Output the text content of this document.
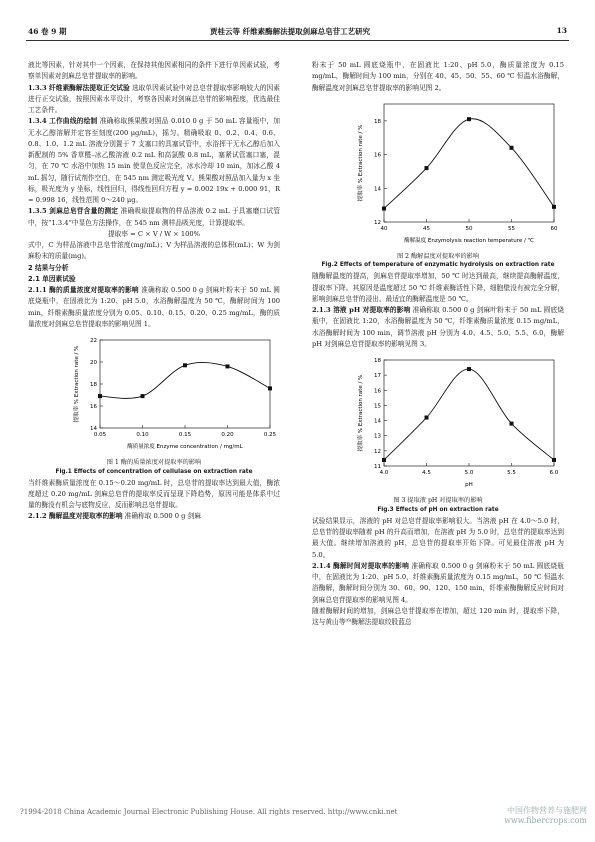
46 卷 9 期	贾桂云等 纤维素酶解法提取剑麻总皂苷工艺研究	13

液比等因素，针对其中一个因素，在保持其他因素相同的条件下进行单因素试验，考察单因素对剑麻总皂苷提取率的影响。

1.3.3 纤维素酶解法提取正交试验 选取单因素试验中对总皂苷提取率影响较大的因素进行正交试验，按照因素水平设计，考察各因素对剑麻总皂苷的影响程度，优选最佳工艺条件。

1.3.4 工作曲线的绘制 准确称取熊果酸对照品 0.010 0 g 于 50 mL 容量瓶中，加无水乙醇溶解并定容至刻度(200 μg/mL)，摇匀。精确吸取 0、0.2、0.4、0.6、0.8、1.0、1.2 mL 溶液分别置于 7 支塞口的具塞试管中，水浴挥干无水乙醇后加入新配制的 5% 香草醛–冰乙酸溶液 0.2 mL 和高氯酸 0.8 mL，塞紧试管塞口塞，混匀，在 70 ℃ 水浴中加热 15 min 使显色反应完全，冰水冷却 10 min，加冰乙酸 4 mL 摇匀，随行试剂作空白，在 545 nm 测定吸光度 V。熊果酸对照品加入量为 x 坐标，吸光度为 y 坐标，线性回归，得线性回归方程 y = 0.002 19x + 0.000 91，R = 0.998 16，线性范围 0～240 μg。

1.3.5 剑麻总皂苷含量的测定 准确吸取提取物的样品溶液 0.2 mL 于具塞磨口试管中，按“1.3.4”中显色方法操作，在 545 nm 测样品吸光度，计算提取率。

提取率 = C × V / W × 100%

式中，C 为样品溶液中总皂苷浓度(mg/mL)；V 为样品溶液的总体积(mL)；W 为剑麻粉末的质量(mg)。

2 结果与分析

2.1 单因素试验

2.1.1 酶的质量浓度对提取率的影响 准确称取 0.500 0 g 剑麻叶粉末于 50 mL 圆底烧瓶中，在固液比为 1:20、pH 5.0，水浴酶解温度为 50 ℃，酶解时间为 100 min，纤维素酶质量浓度分别为 0.05、0.10、0.15、0.20、0.25 mg/mL，酶的质量浓度对剑麻总皂苷提取率的影响见图 1。

0.05	0.10	0.15	0.20	0.25
14
16
18
20
22
酶质量浓度 Enzyme concentration / mg/mL
提取率 % Extraction rate / %
图 1 酶的质量浓度对提取率的影响
Fig.1 Effects of concentration of cellulase on extraction rate

当纤维素酶质量浓度在 0.15～0.20 mg/mL 时，总皂苷的提取率达到最大值，酶浓度超过 0.20 mg/mL 剑麻总皂苷的提取率反而呈现下降趋势，原因可能是体系中过量的酶没有机会与底物反应，反而影响总皂苷提取。

2.1.2 酶解温度对提取率的影响 准确称取 0.500 0 g 剑麻

粉末于 50 mL 圆底烧瓶中，在固液比 1:20、pH 5.0，酶质量浓度为 0.15 mg/mL，酶解时间为 100 min，分别在 40、45、50、55、60 ℃ 恒温水浴酶解，酶解温度对剑麻总皂苷提取率的影响见图 2。

40	45	50	55	60
12
14
16
18
酶解温度 Enzymolysis reaction temperature / ℃
提取率 % Extraction rate / %
图 2 酶解温度对提取率的影响
Fig.2 Effects of temperature of enzymatic hydrolysis on extraction rate

随酶解温度的提高，剑麻皂苷提取率增加，50 ℃ 时达到最高，继续提高酶解温度，提取率下降。其原因是温度超过 50 ℃ 纤维素酶活性下降，细胞壁没有被完全分解，影响剑麻总皂苷的浸出。最适宜的酶解温度是 50 ℃。

2.1.3 溶液 pH 对提取率的影响 准确称取 0.500 0 g 剑麻叶粉末于 50 mL 圆底烧瓶中，在固液比 1:20，水浴酶解温度为 50 ℃，纤维素酶质量浓度 0.15 mg/mL，水浴酶解时间为 100 min，调节溶液 pH 分别为 4.0、4.5、5.0、5.5、6.0，酶解 pH 对剑麻总皂苷提取率的影响见图 3。

4.0	4.5	5.0	5.5	6.0
11
12
13
14
15
16
17
18
pH
提取率 % Extraction rate / %
图 3 提取液 pH 对提取率的影响
Fig.3 Effects of pH on extraction rate

试验结果显示，溶液的 pH 对总皂苷提取率影响很大。当溶液 pH 在 4.0～5.0 时，总皂苷的提取率随着 pH 的升高而增加，在溶液 pH 为 5.0 时，总皂苷的提取率达到最大值。继续增加溶液的 pH，总皂苷的提取率开始下降。可见最佳溶液 pH 为 5.0。

2.1.4 酶解时间对提取率的影响 准确称取 0.500 0 g 剑麻粉末于 50 mL 圆底烧瓶中，在固液比为 1:20、pH 5.0，纤维素酶质量浓度为 0.15 mg/mL，50 ℃ 恒温水浴酶解，酶解时间分别为 30、60、90、120、150 min，纤维素酶酶解反应时间对剑麻总皂苷提取率的影响见图 4。

随着酶解时间的增加，剑麻总皂苷提取率在增加，超过 120 min 时，提取率下降，这与黄山等⁽⁶⁾酶解法提取绞股蓝总

?1994-2018 China Academic Journal Electronic Publishing House. All rights reserved. http://www.cnki.net	中国作物营养与施肥网
www.fibercrops.com
